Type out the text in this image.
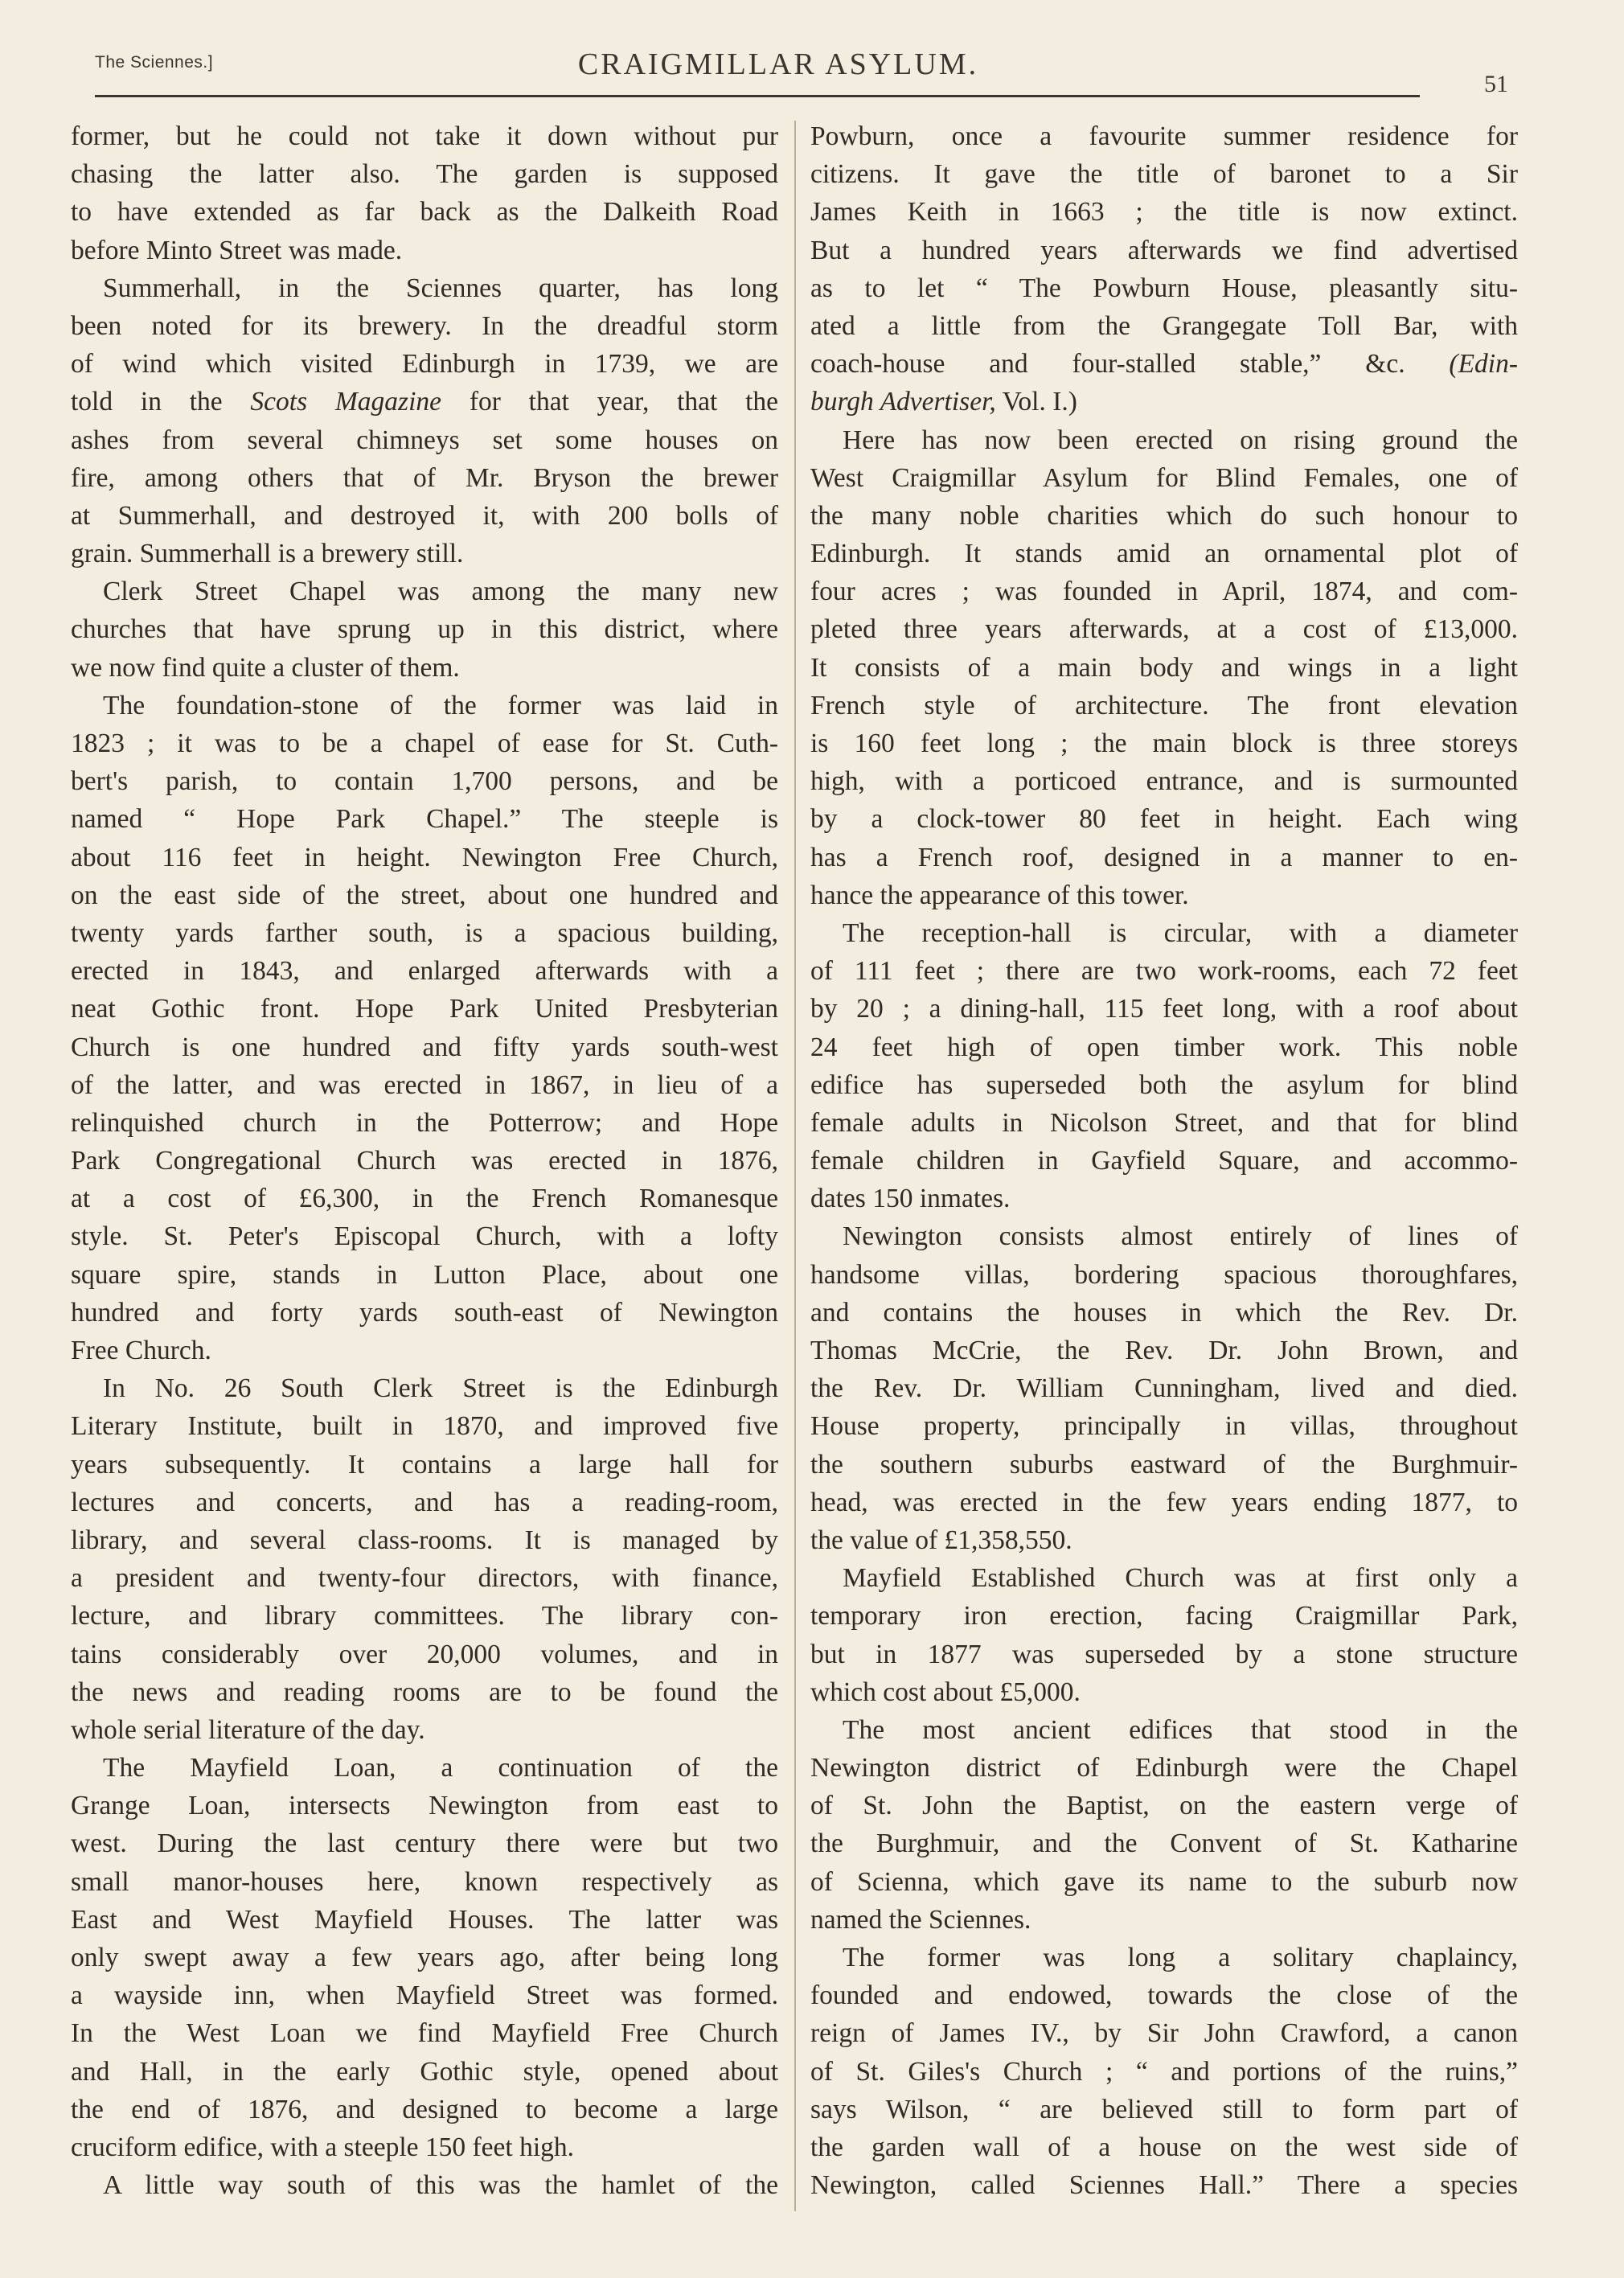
The Sciennes.]	CRAIGMILLAR ASYLUM.
51
former, but he could not take it down without pur
chasing the latter also. The garden is supposed
to have extended as far back as the Dalkeith Road
before Minto Street was made.
Summerhall, in the Sciennes quarter, has long
been noted for its brewery. In the dreadful storm
of wind which visited Edinburgh in 1739, we are
told in the Scots Magazine for that year, that the
ashes from several chimneys set some houses on
fire, among others that of Mr. Bryson the brewer
at Summerhall, and destroyed it, with 200 bolls of
grain. Summerhall is a brewery still.
Clerk Street Chapel was among the many new
churches that have sprung up in this district, where
we now find quite a cluster of them.
The foundation-stone of the former was laid in
1823 ; it was to be a chapel of ease for St. Cuth-
bert's parish, to contain 1,700 persons, and be
named “ Hope Park Chapel.” The steeple is
about 116 feet in height. Newington Free Church,
on the east side of the street, about one hundred and
twenty yards farther south, is a spacious building,
erected in 1843, and enlarged afterwards with a
neat Gothic front. Hope Park United Presbyterian
Church is one hundred and fifty yards south-west
of the latter, and was erected in 1867, in lieu of a
relinquished church in the Potterrow; and Hope
Park Congregational Church was erected in 1876,
at a cost of £6,300, in the French Romanesque
style. St. Peter's Episcopal Church, with a lofty
square spire, stands in Lutton Place, about one
hundred and forty yards south-east of Newington
Free Church.
In No. 26 South Clerk Street is the Edinburgh
Literary Institute, built in 1870, and improved five
years subsequently. It contains a large hall for
lectures and concerts, and has a reading-room,
library, and several class-rooms. It is managed by
a president and twenty-four directors, with finance,
lecture, and library committees. The library con-
tains considerably over 20,000 volumes, and in
the news and reading rooms are to be found the
whole serial literature of the day.
The Mayfield Loan, a continuation of the
Grange Loan, intersects Newington from east to
west. During the last century there were but two
small manor-houses here, known respectively as
East and West Mayfield Houses. The latter was
only swept away a few years ago, after being long
a wayside inn, when Mayfield Street was formed.
In the West Loan we find Mayfield Free Church
and Hall, in the early Gothic style, opened about
the end of 1876, and designed to become a large
cruciform edifice, with a steeple 150 feet high.
A little way south of this was the hamlet of the
Powburn, once a favourite summer residence for
citizens. It gave the title of baronet to a Sir
James Keith in 1663 ; the title is now extinct.
But a hundred years afterwards we find advertised
as to let “ The Powburn House, pleasantly situ-
ated a little from the Grangegate Toll Bar, with
coach-house and four-stalled stable,” &c. (Edin-
burgh Advertiser, Vol. I.)
Here has now been erected on rising ground the
West Craigmillar Asylum for Blind Females, one of
the many noble charities which do such honour to
Edinburgh. It stands amid an ornamental plot of
four acres ; was founded in April, 1874, and com-
pleted three years afterwards, at a cost of £13,000.
It consists of a main body and wings in a light
French style of architecture. The front elevation
is 160 feet long ; the main block is three storeys
high, with a porticoed entrance, and is surmounted
by a clock-tower 80 feet in height. Each wing
has a French roof, designed in a manner to en-
hance the appearance of this tower.
The reception-hall is circular, with a diameter
of 111 feet ; there are two work-rooms, each 72 feet
by 20 ; a dining-hall, 115 feet long, with a roof about
24 feet high of open timber work. This noble
edifice has superseded both the asylum for blind
female adults in Nicolson Street, and that for blind
female children in Gayfield Square, and accommo-
dates 150 inmates.
Newington consists almost entirely of lines of
handsome villas, bordering spacious thoroughfares,
and contains the houses in which the Rev. Dr.
Thomas McCrie, the Rev. Dr. John Brown, and
the Rev. Dr. William Cunningham, lived and died.
House property, principally in villas, throughout
the southern suburbs eastward of the Burghmuir-
head, was erected in the few years ending 1877, to
the value of £1,358,550.
Mayfield Established Church was at first only a
temporary iron erection, facing Craigmillar Park,
but in 1877 was superseded by a stone structure
which cost about £5,000.
The most ancient edifices that stood in the
Newington district of Edinburgh were the Chapel
of St. John the Baptist, on the eastern verge of
the Burghmuir, and the Convent of St. Katharine
of Scienna, which gave its name to the suburb now
named the Sciennes.
The former was long a solitary chaplaincy,
founded and endowed, towards the close of the
reign of James IV., by Sir John Crawford, a canon
of St. Giles's Church ; “ and portions of the ruins,”
says Wilson, “ are believed still to form part of
the garden wall of a house on the west side of
Newington, called Sciennes Hall.” There a species
